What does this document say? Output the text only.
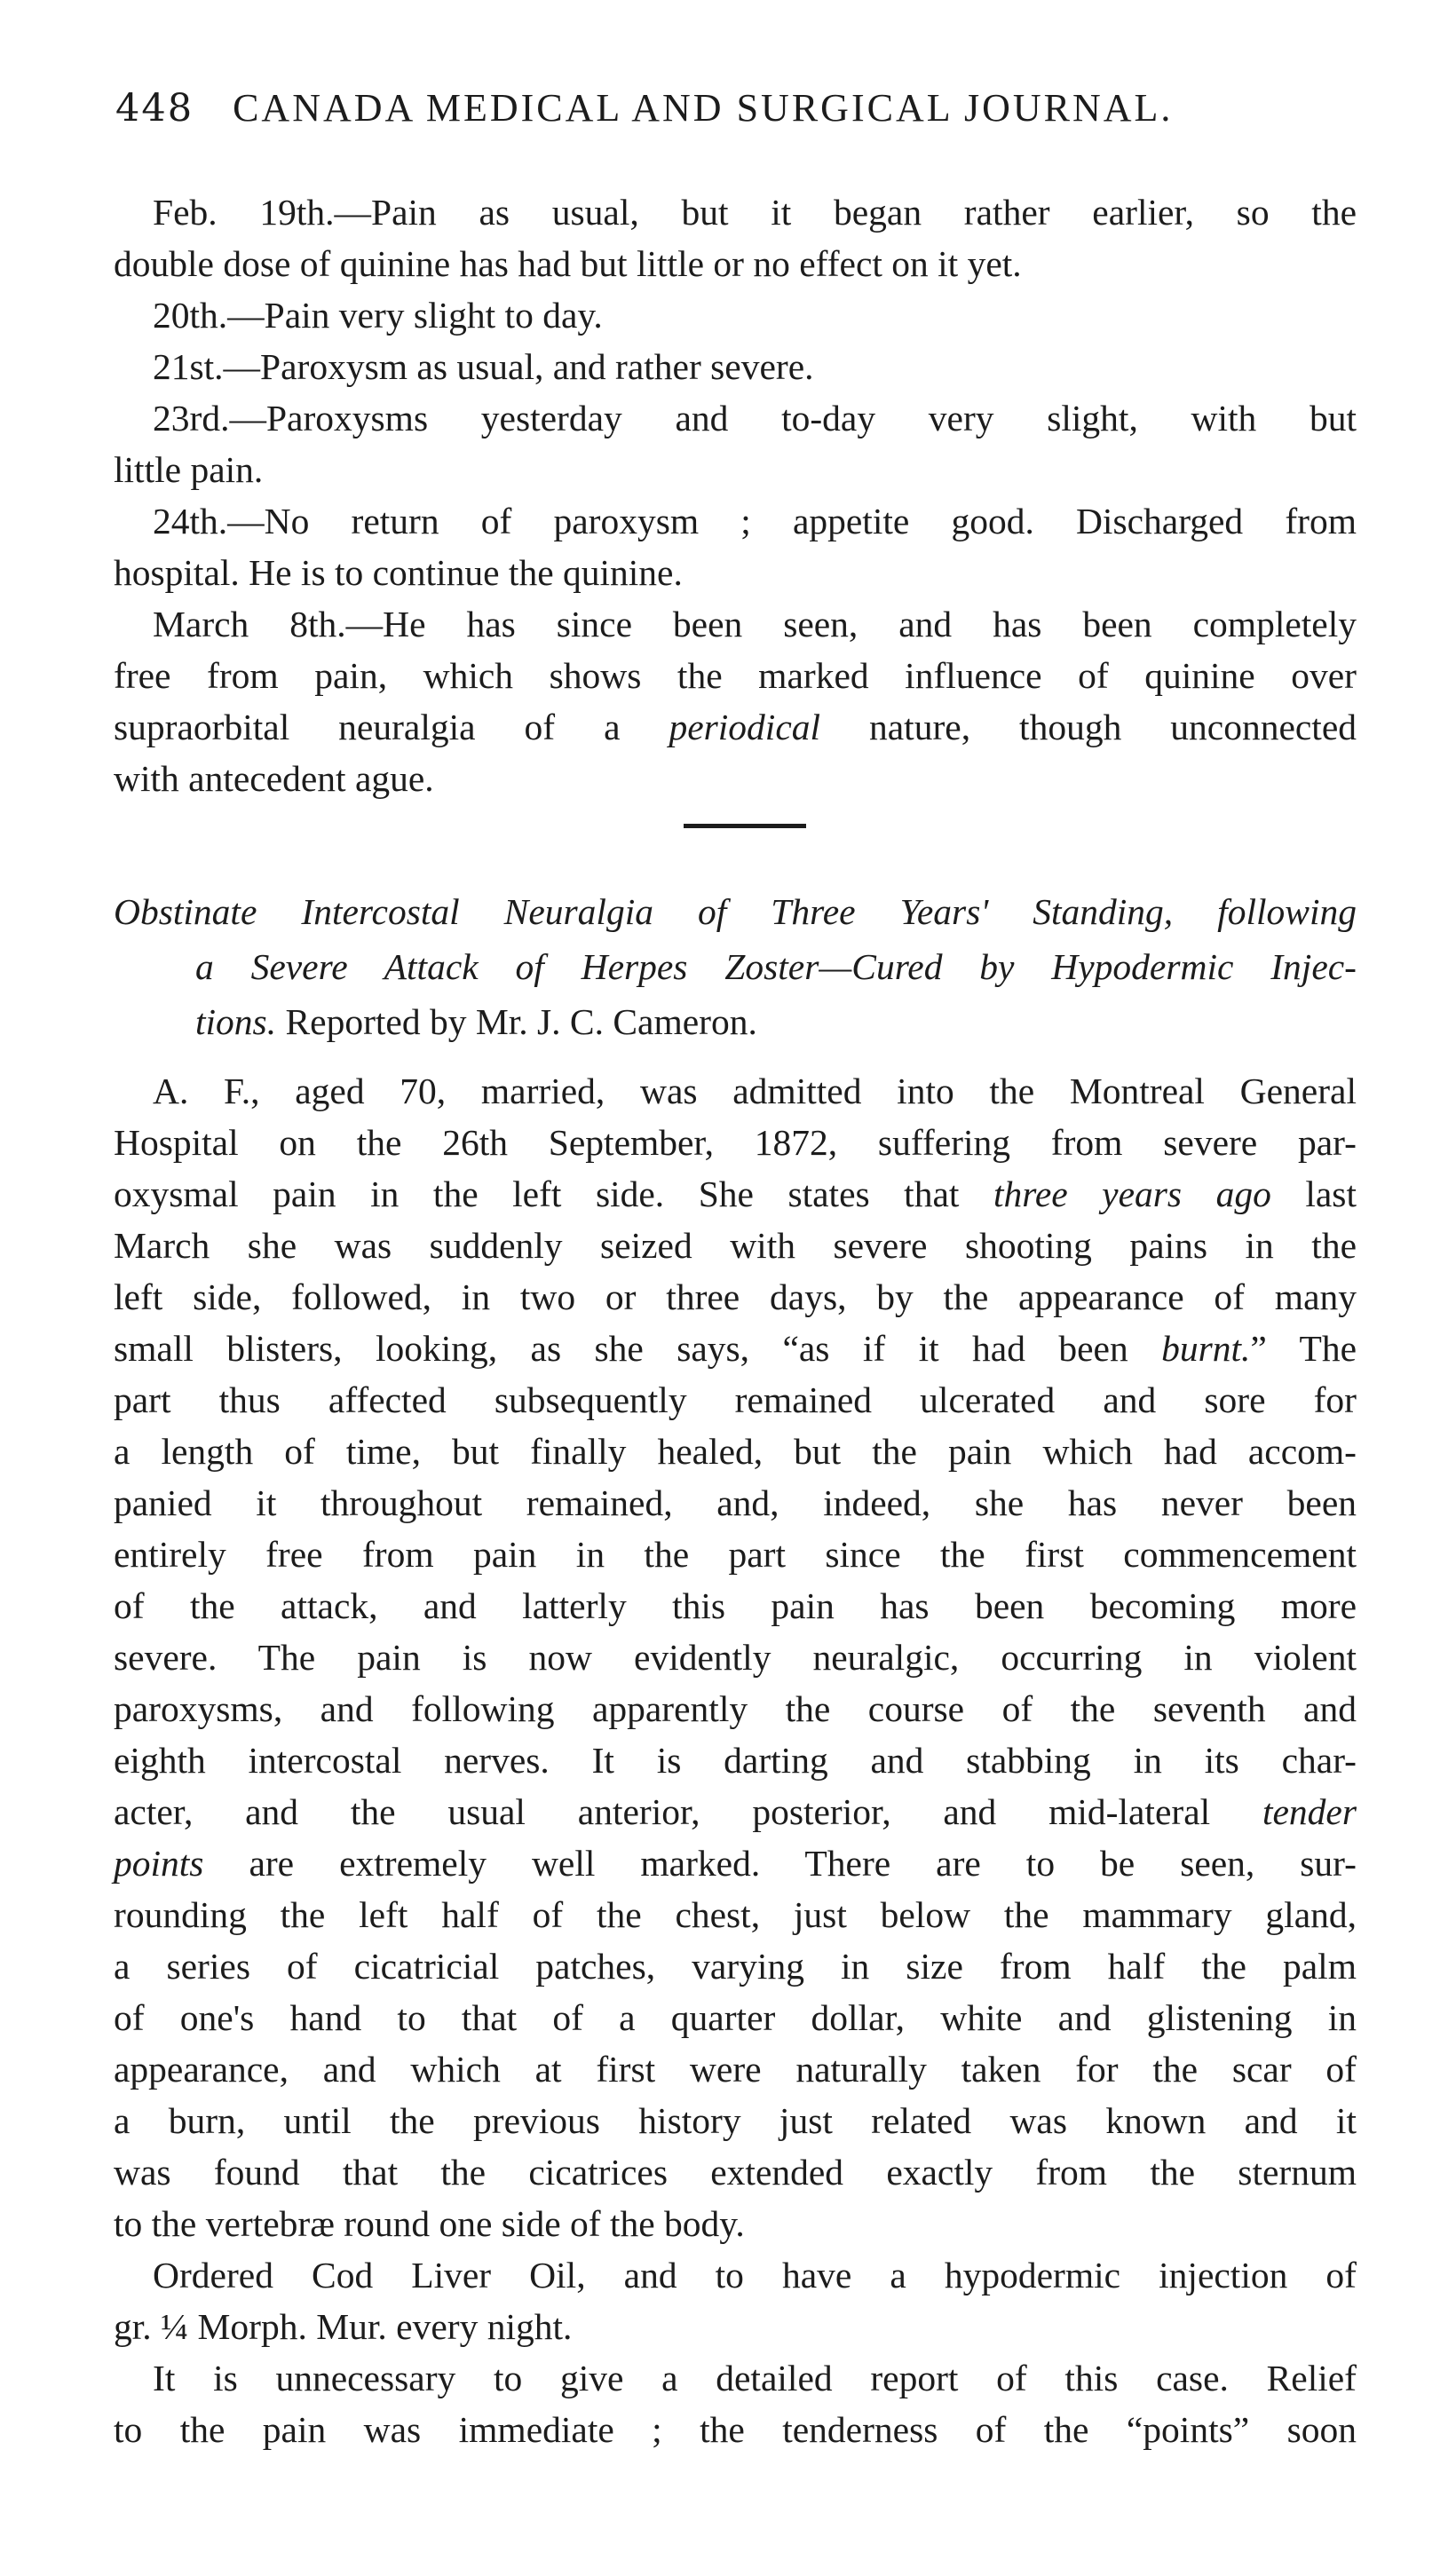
448 CANADA MEDICAL AND SURGICAL JOURNAL.
Feb. 19th.—Pain as usual, but it began rather earlier, so the
double dose of quinine has had but little or no effect on it yet.
20th.—Pain very slight to day.
21st.—Paroxysm as usual, and rather severe.
23rd.—Paroxysms yesterday and to-day very slight, with but
little pain.
24th.—No return of paroxysm ; appetite good. Discharged from
hospital. He is to continue the quinine.
March 8th.—He has since been seen, and has been completely
free from pain, which shows the marked influence of quinine over
supraorbital neuralgia of a periodical nature, though unconnected
with antecedent ague.
Obstinate Intercostal Neuralgia of Three Years' Standing, following
a Severe Attack of Herpes Zoster—Cured by Hypodermic Injec-
tions. Reported by Mr. J. C. Cameron.
A. F., aged 70, married, was admitted into the Montreal General
Hospital on the 26th September, 1872, suffering from severe par-
oxysmal pain in the left side. She states that three years ago last
March she was suddenly seized with severe shooting pains in the
left side, followed, in two or three days, by the appearance of many
small blisters, looking, as she says, “as if it had been burnt.” The
part thus affected subsequently remained ulcerated and sore for
a length of time, but finally healed, but the pain which had accom-
panied it throughout remained, and, indeed, she has never been
entirely free from pain in the part since the first commencement
of the attack, and latterly this pain has been becoming more
severe. The pain is now evidently neuralgic, occurring in violent
paroxysms, and following apparently the course of the seventh and
eighth intercostal nerves. It is darting and stabbing in its char-
acter, and the usual anterior, posterior, and mid-lateral tender
points are extremely well marked. There are to be seen, sur-
rounding the left half of the chest, just below the mammary gland,
a series of cicatricial patches, varying in size from half the palm
of one's hand to that of a quarter dollar, white and glistening in
appearance, and which at first were naturally taken for the scar of
a burn, until the previous history just related was known and it
was found that the cicatrices extended exactly from the sternum
to the vertebræ round one side of the body.
Ordered Cod Liver Oil, and to have a hypodermic injection of
gr. ¼ Morph. Mur. every night.
It is unnecessary to give a detailed report of this case. Relief
to the pain was immediate ; the tenderness of the “points” soon
